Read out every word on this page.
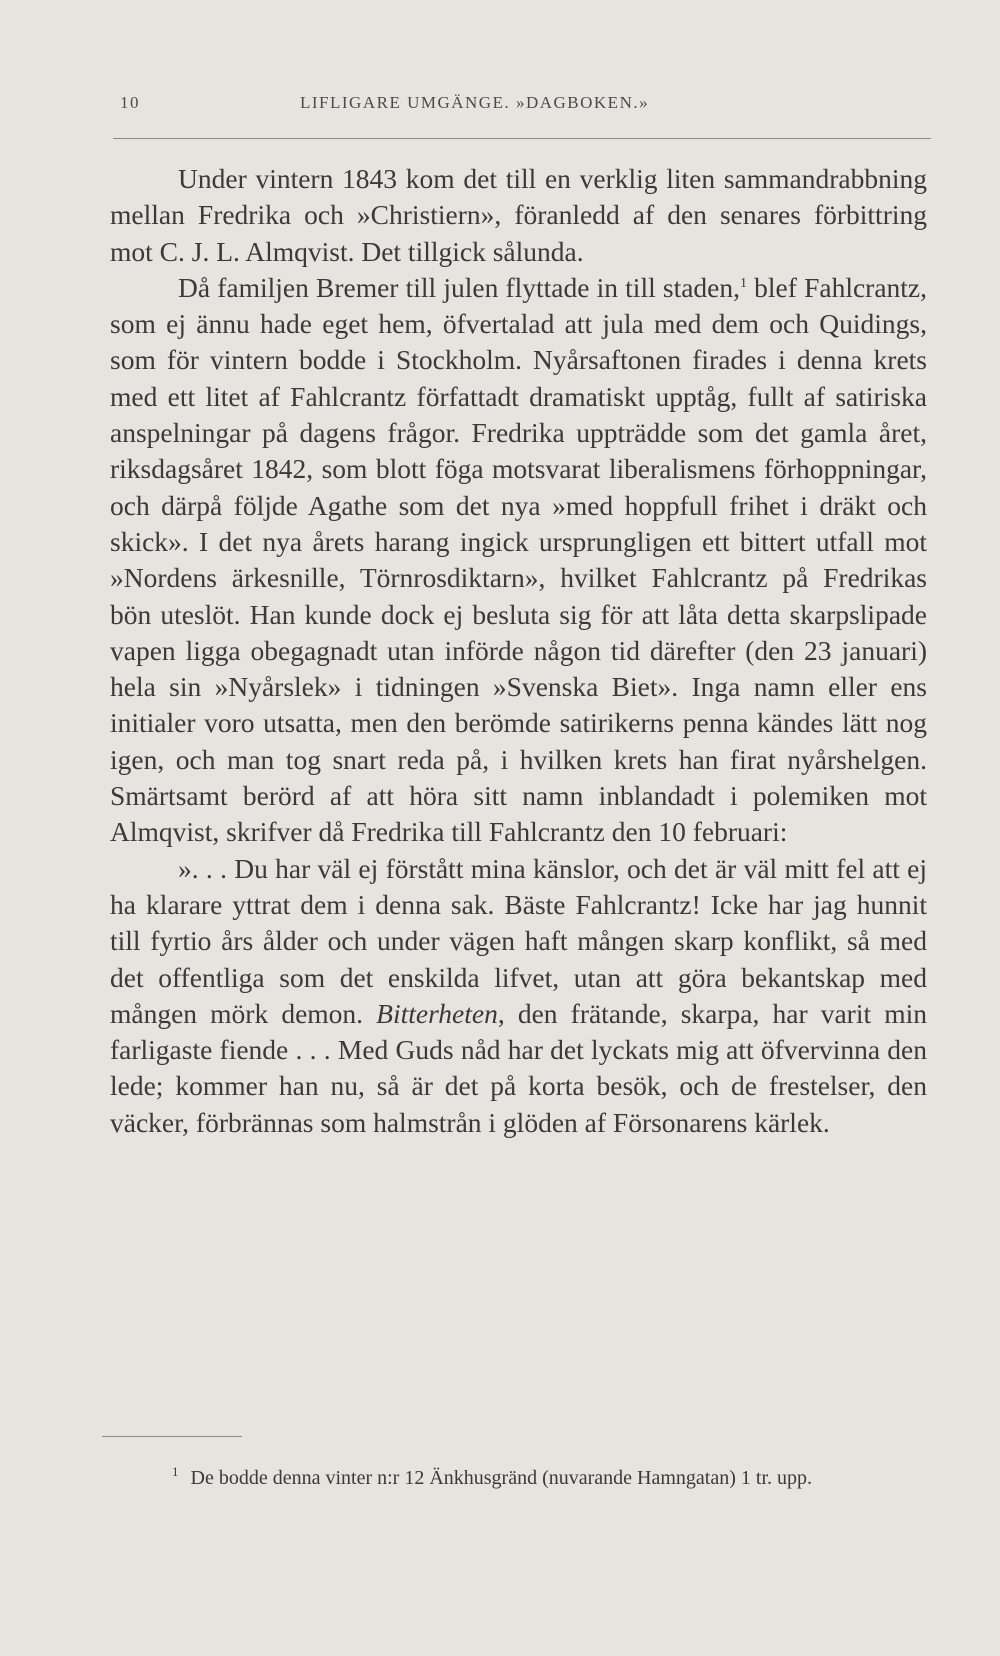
10	LIFLIGARE UMGÄNGE. »DAGBOKEN.»

Under vintern 1843 kom det till en verklig liten sammandrabbning mellan Fredrika och »Christiern», föranledd af den senares förbittring mot C. J. L. Almqvist. Det tillgick sålunda.

Då familjen Bremer till julen flyttade in till staden,$^1$ blef Fahlcrantz, som ej ännu hade eget hem, öfvertalad att jula med dem och Quidings, som för vintern bodde i Stockholm. Nyårsaftonen firades i denna krets med ett litet af Fahlcrantz författadt dramatiskt upptåg, fullt af satiriska anspelningar på dagens frågor. Fredrika uppträdde som det gamla året, riksdagsåret 1842, som blott föga motsvarat liberalismens förhoppningar, och därpå följde Agathe som det nya »med hoppfull frihet i dräkt och skick». I det nya årets harang ingick ursprungligen ett bittert utfall mot »Nordens ärkesnille, Törnrosdiktarn», hvilket Fahlcrantz på Fredrikas bön uteslöt. Han kunde dock ej besluta sig för att låta detta skarpslipade vapen ligga obegagnadt utan införde någon tid därefter (den 23 januari) hela sin »Nyårslek» i tidningen »Svenska Biet». Inga namn eller ens initialer voro utsatta, men den berömde satirikerns penna kändes lätt nog igen, och man tog snart reda på, i hvilken krets han firat nyårshelgen. Smärtsamt berörd af att höra sitt namn inblandadt i polemiken mot Almqvist, skrifver då Fredrika till Fahlcrantz den 10 februari:

». . . Du har väl ej förstått mina känslor, och det är väl mitt fel att ej ha klarare yttrat dem i denna sak. Bäste Fahlcrantz! Icke har jag hunnit till fyrtio års ålder och under vägen haft mången skarp konflikt, så med det offentliga som det enskilda lifvet, utan att göra bekantskap med mången mörk demon. Bitterheten, den frätande, skarpa, har varit min farligaste fiende . . . Med Guds nåd har det lyckats mig att öfvervinna den lede; kommer han nu, så är det på korta besök, och de frestelser, den väcker, förbrännas som halmstrån i glöden af Försonarens kärlek.

$^1$ De bodde denna vinter n:r 12 Änkhusgränd (nuvarande Hamngatan) 1 tr. upp.
